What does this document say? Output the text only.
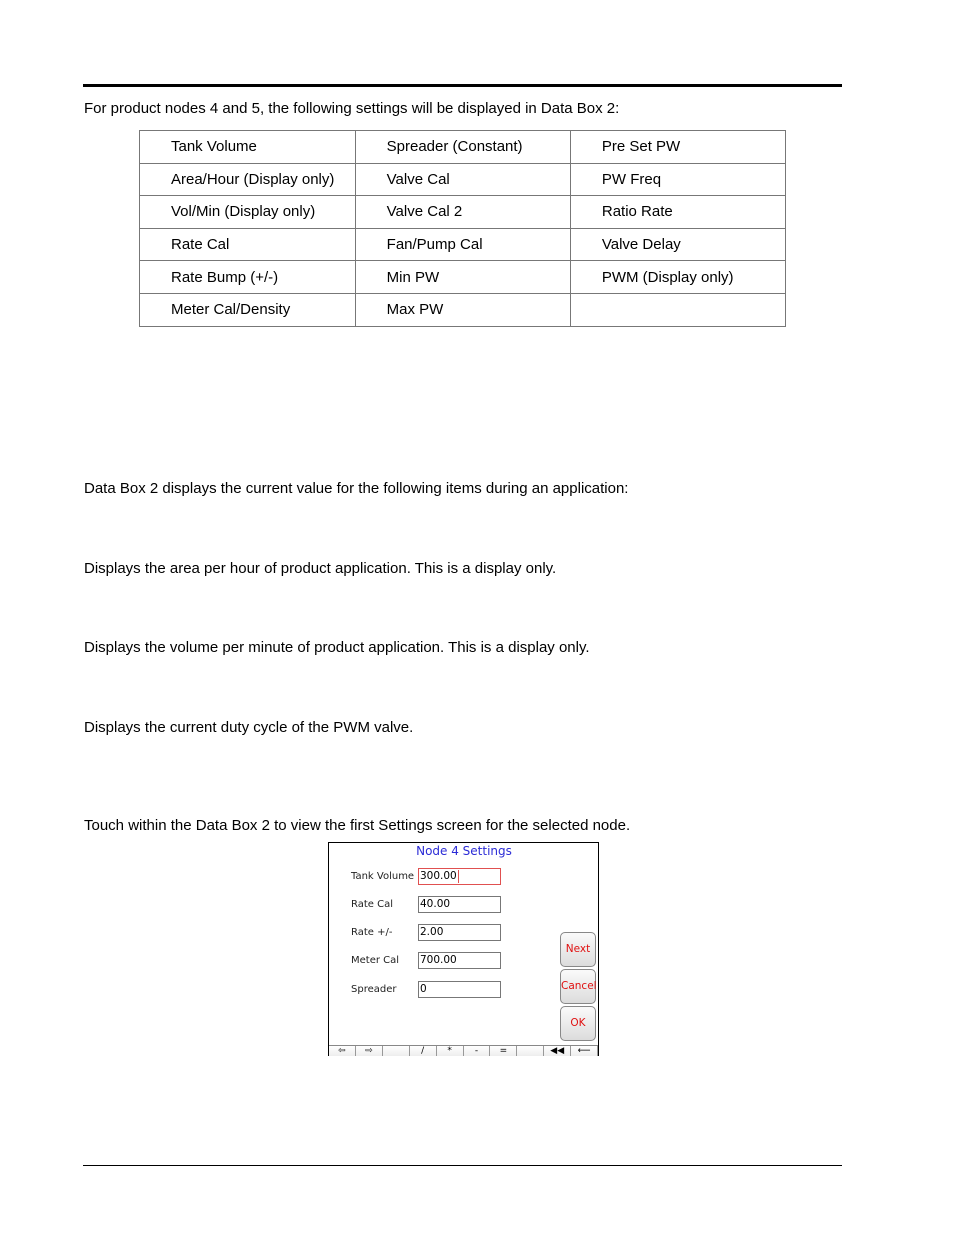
For product nodes 4 and 5, the following settings will be displayed in Data Box 2:
Tank Volume	Spreader (Constant)	Pre Set PW
Area/Hour (Display only)	Valve Cal	PW Freq
Vol/Min (Display only)	Valve Cal 2	Ratio Rate
Rate Cal	Fan/Pump Cal	Valve Delay
Rate Bump (+/-)	Min PW	PWM (Display only)
Meter Cal/Density	Max PW	
Data Box 2 displays the current value for the following items during an application:
Displays the area per hour of product application. This is a display only.
Displays the volume per minute of product application. This is a display only.
Displays the current duty cycle of the PWM valve.
Touch within the Data Box 2 to view the first Settings screen for the selected node.
Node 4 Settings
Tank Volume 300.00
Rate Cal	40.00
Rate +/-	2.00
Meter Cal 700.00
Spreader 0
Next
Cancel
OK
⇦	⇨	/	*	-	=	◀◀	⟵
